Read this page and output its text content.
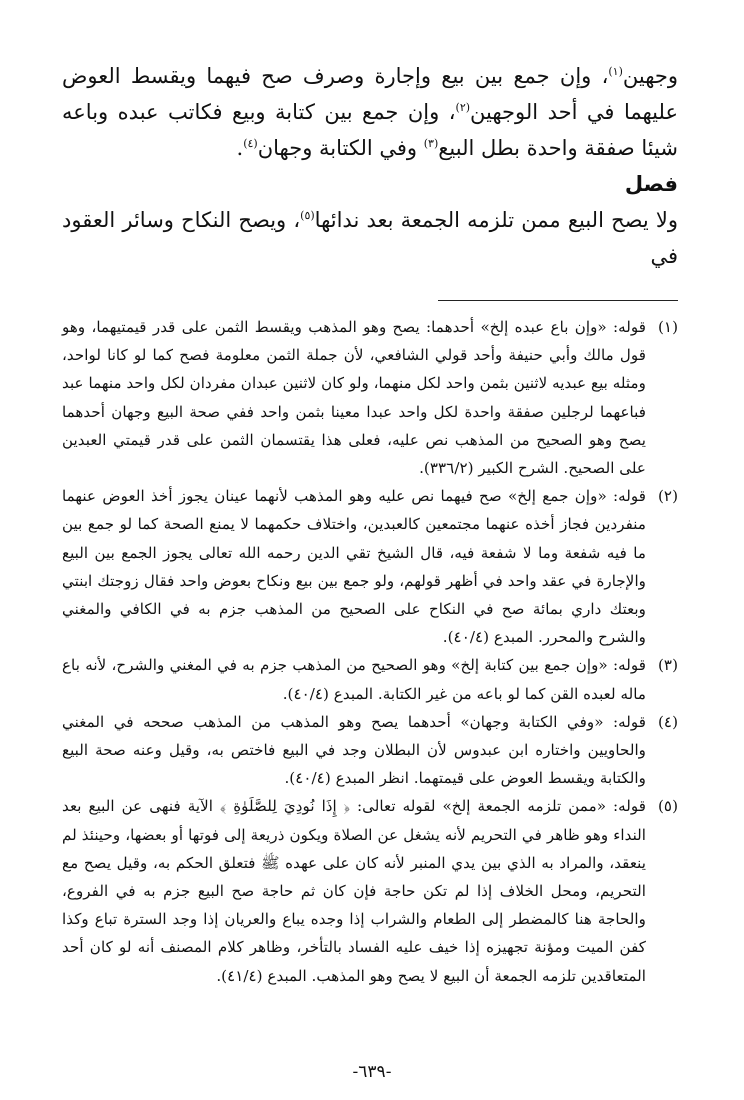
وجهين$^{(١)}$، وإن جمع بين بيع وإجارة وصرف صح فيهما ويقسط العوض عليهما في أحد الوجهين$^{(٢)}$، وإن جمع بين كتابة وبيع فكاتب عبده وباعه شيئا صفقة واحدة بطل البيع$^{(٣)}$ وفي الكتابة وجهان$^{(٤)}$.

فصل

ولا يصح البيع ممن تلزمه الجمعة بعد ندائها$^{(٥)}$، ويصح النكاح وسائر العقود في

(١)
قوله: «وإن باع عبده إلخ» أحدهما: يصح وهو المذهب ويقسط الثمن على قدر قيمتيهما، وهو قول مالك وأبي حنيفة وأحد قولي الشافعي، لأن جملة الثمن معلومة فصح كما لو كانا لواحد، ومثله بيع عبديه لاثنين بثمن واحد لكل منهما، ولو كان لاثنين عبدان مفردان لكل واحد منهما عبد فباعهما لرجلين صفقة واحدة لكل واحد عبدا معينا بثمن واحد ففي صحة البيع وجهان أحدهما يصح وهو الصحيح من المذهب نص عليه، فعلى هذا يقتسمان الثمن على قدر قيمتي العبدين على الصحيح. الشرح الكبير (٣٣٦/٢).
(٢)
قوله: «وإن جمع إلخ» صح فيهما نص عليه وهو المذهب لأنهما عينان يجوز أخذ العوض عنهما منفردين فجاز أخذه عنهما مجتمعين كالعبدين، واختلاف حكمهما لا يمنع الصحة كما لو جمع بين ما فيه شفعة وما لا شفعة فيه، قال الشيخ تقي الدين رحمه الله تعالى يجوز الجمع بين البيع والإجارة في عقد واحد في أظهر قولهم، ولو جمع بين بيع ونكاح بعوض واحد فقال زوجتك ابنتي وبعتك داري بمائة صح في النكاح على الصحيح من المذهب جزم به في الكافي والمغني والشرح والمحرر. المبدع (٤٠/٤).
(٣)
قوله: «وإن جمع بين كتابة إلخ» وهو الصحيح من المذهب جزم به في المغني والشرح، لأنه باع ماله لعبده القن كما لو باعه من غير الكتابة. المبدع (٤٠/٤).
(٤)
قوله: «وفي الكتابة وجهان» أحدهما يصح وهو المذهب من المذهب صححه في المغني والحاويين واختاره ابن عبدوس لأن البطلان وجد في البيع فاختص به، وقيل وعنه صحة البيع والكتابة ويقسط العوض على قيمتهما. انظر المبدع (٤٠/٤).
(٥)
قوله: «ممن تلزمه الجمعة إلخ» لقوله تعالى: ﴿ إِذَا نُودِيَ لِلصَّلَوٰةِ ﴾ الآية فنهى عن البيع بعد النداء وهو ظاهر في التحريم لأنه يشغل عن الصلاة ويكون ذريعة إلى فوتها أو بعضها، وحينئذ لم ينعقد، والمراد به الذي بين يدي المنبر لأنه كان على عهده ﷺ فتعلق الحكم به، وقيل يصح مع التحريم، ومحل الخلاف إذا لم تكن حاجة فإن كان ثم حاجة صح البيع جزم به في الفروع، والحاجة هنا كالمضطر إلى الطعام والشراب إذا وجده يباع والعريان إذا وجد السترة تباع وكذا كفن الميت ومؤنة تجهيزه إذا خيف عليه الفساد بالتأخر، وظاهر كلام المصنف أنه لو كان أحد المتعاقدين تلزمه الجمعة أن البيع لا يصح وهو المذهب. المبدع (٤١/٤).
-٦٣٩-
